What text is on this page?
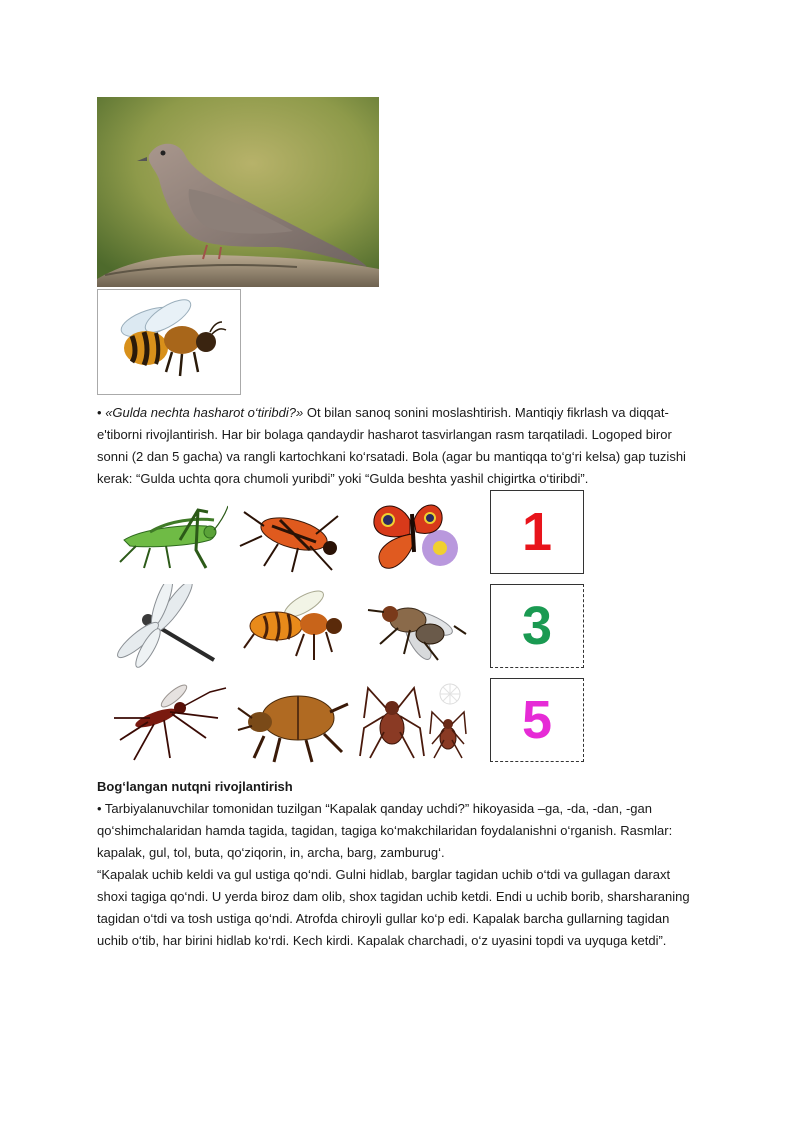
• «Gulda nechta hasharot o‘tiribdi?» Ot bilan sanoq sonini moslashtirish. Mantiqiy fikrlash va diqqat-e'tiborni rivojlantirish. Har bir bolaga qandaydir hasharot tasvirlangan rasm tarqatiladi. Logoped biror sonni (2 dan 5 gacha) va rangli kartochkani ko‘rsatadi. Bola (agar bu mantiqqa to‘g‘ri kelsa) gap tuzishi kerak: “Gulda uchta qora chumoli yuribdi” yoki “Gulda beshta yashil chigirtka o‘tiribdi”.

1
3
5

Bog‘langan nutqni rivojlantirish

• Tarbiyalanuvchilar tomonidan tuzilgan “Kapalak qanday uchdi?” hikoyasida –ga, -da, -dan, -gan qo‘shimchalaridan hamda tagida, tagidan, tagiga ko‘makchilaridan foydalanishni o‘rganish. Rasmlar: kapalak, gul, tol, buta, qo‘ziqorin, in, archa, barg, zamburug‘.

“Kapalak uchib keldi va gul ustiga qo‘ndi. Gulni hidlab, barglar tagidan uchib o‘tdi va gullagan daraxt shoxi tagiga qo‘ndi. U yerda biroz dam olib, shox tagidan uchib ketdi. Endi u uchib borib, sharsharaning tagidan o‘tdi va tosh ustiga qo‘ndi. Atrofda chiroyli gullar ko‘p edi. Kapalak barcha gullarning tagidan uchib o‘tib, har birini hidlab ko‘rdi. Kech kirdi. Kapalak charchadi, o‘z uyasini topdi va uyquga ketdi”.
